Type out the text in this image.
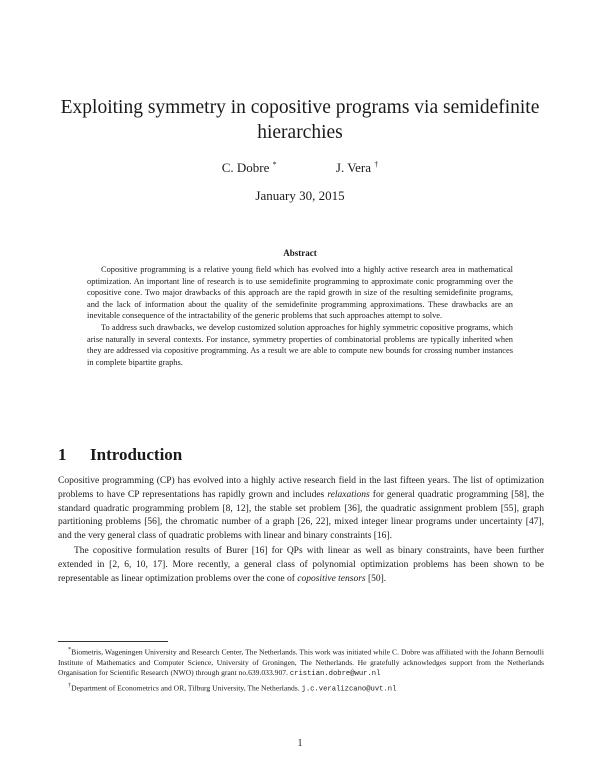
Exploiting symmetry in copositive programs via semidefinite hierarchies
C. Dobre *	J. Vera †
January 30, 2015
Abstract

Copositive programming is a relative young field which has evolved into a highly active research area in mathematical optimization. An important line of research is to use semidefinite programming to approximate conic programming over the copositive cone. Two major drawbacks of this approach are the rapid growth in size of the resulting semidefinite programs, and the lack of information about the quality of the semidefinite programming approximations. These drawbacks are an inevitable consequence of the intractability of the generic problems that such approaches attempt to solve.

To address such drawbacks, we develop customized solution approaches for highly symmetric copositive programs, which arise naturally in several contexts. For instance, symmetry properties of combinatorial problems are typically inherited when they are addressed via copositive programming. As a result we are able to compute new bounds for crossing number instances in complete bipartite graphs.

1 Introduction

Copositive programming (CP) has evolved into a highly active research field in the last fifteen years. The list of optimization problems to have CP representations has rapidly grown and includes relaxations for general quadratic programming [58], the standard quadratic programming problem [8, 12], the stable set problem [36], the quadratic assignment problem [55], graph partitioning problems [56], the chromatic number of a graph [26, 22], mixed integer linear programs under uncertainty [47], and the very general class of quadratic problems with linear and binary constraints [16].

The copositive formulation results of Burer [16] for QPs with linear as well as binary constraints, have been further extended in [2, 6, 10, 17]. More recently, a general class of polynomial optimization problems has been shown to be representable as linear optimization problems over the cone of copositive tensors [50].

*Biometris, Wageningen University and Research Center, The Netherlands. This work was initiated while C. Dobre was affiliated with the Johann Bernoulli Institute of Mathematics and Computer Science, University of Groningen, The Netherlands. He gratefully acknowledges support from the Netherlands Organisation for Scientific Research (NWO) through grant no.639.033.907. cristian.dobre@wur.nl

†Department of Econometrics and OR, Tilburg University, The Netherlands. j.c.veralizcano@uvt.nl

1
